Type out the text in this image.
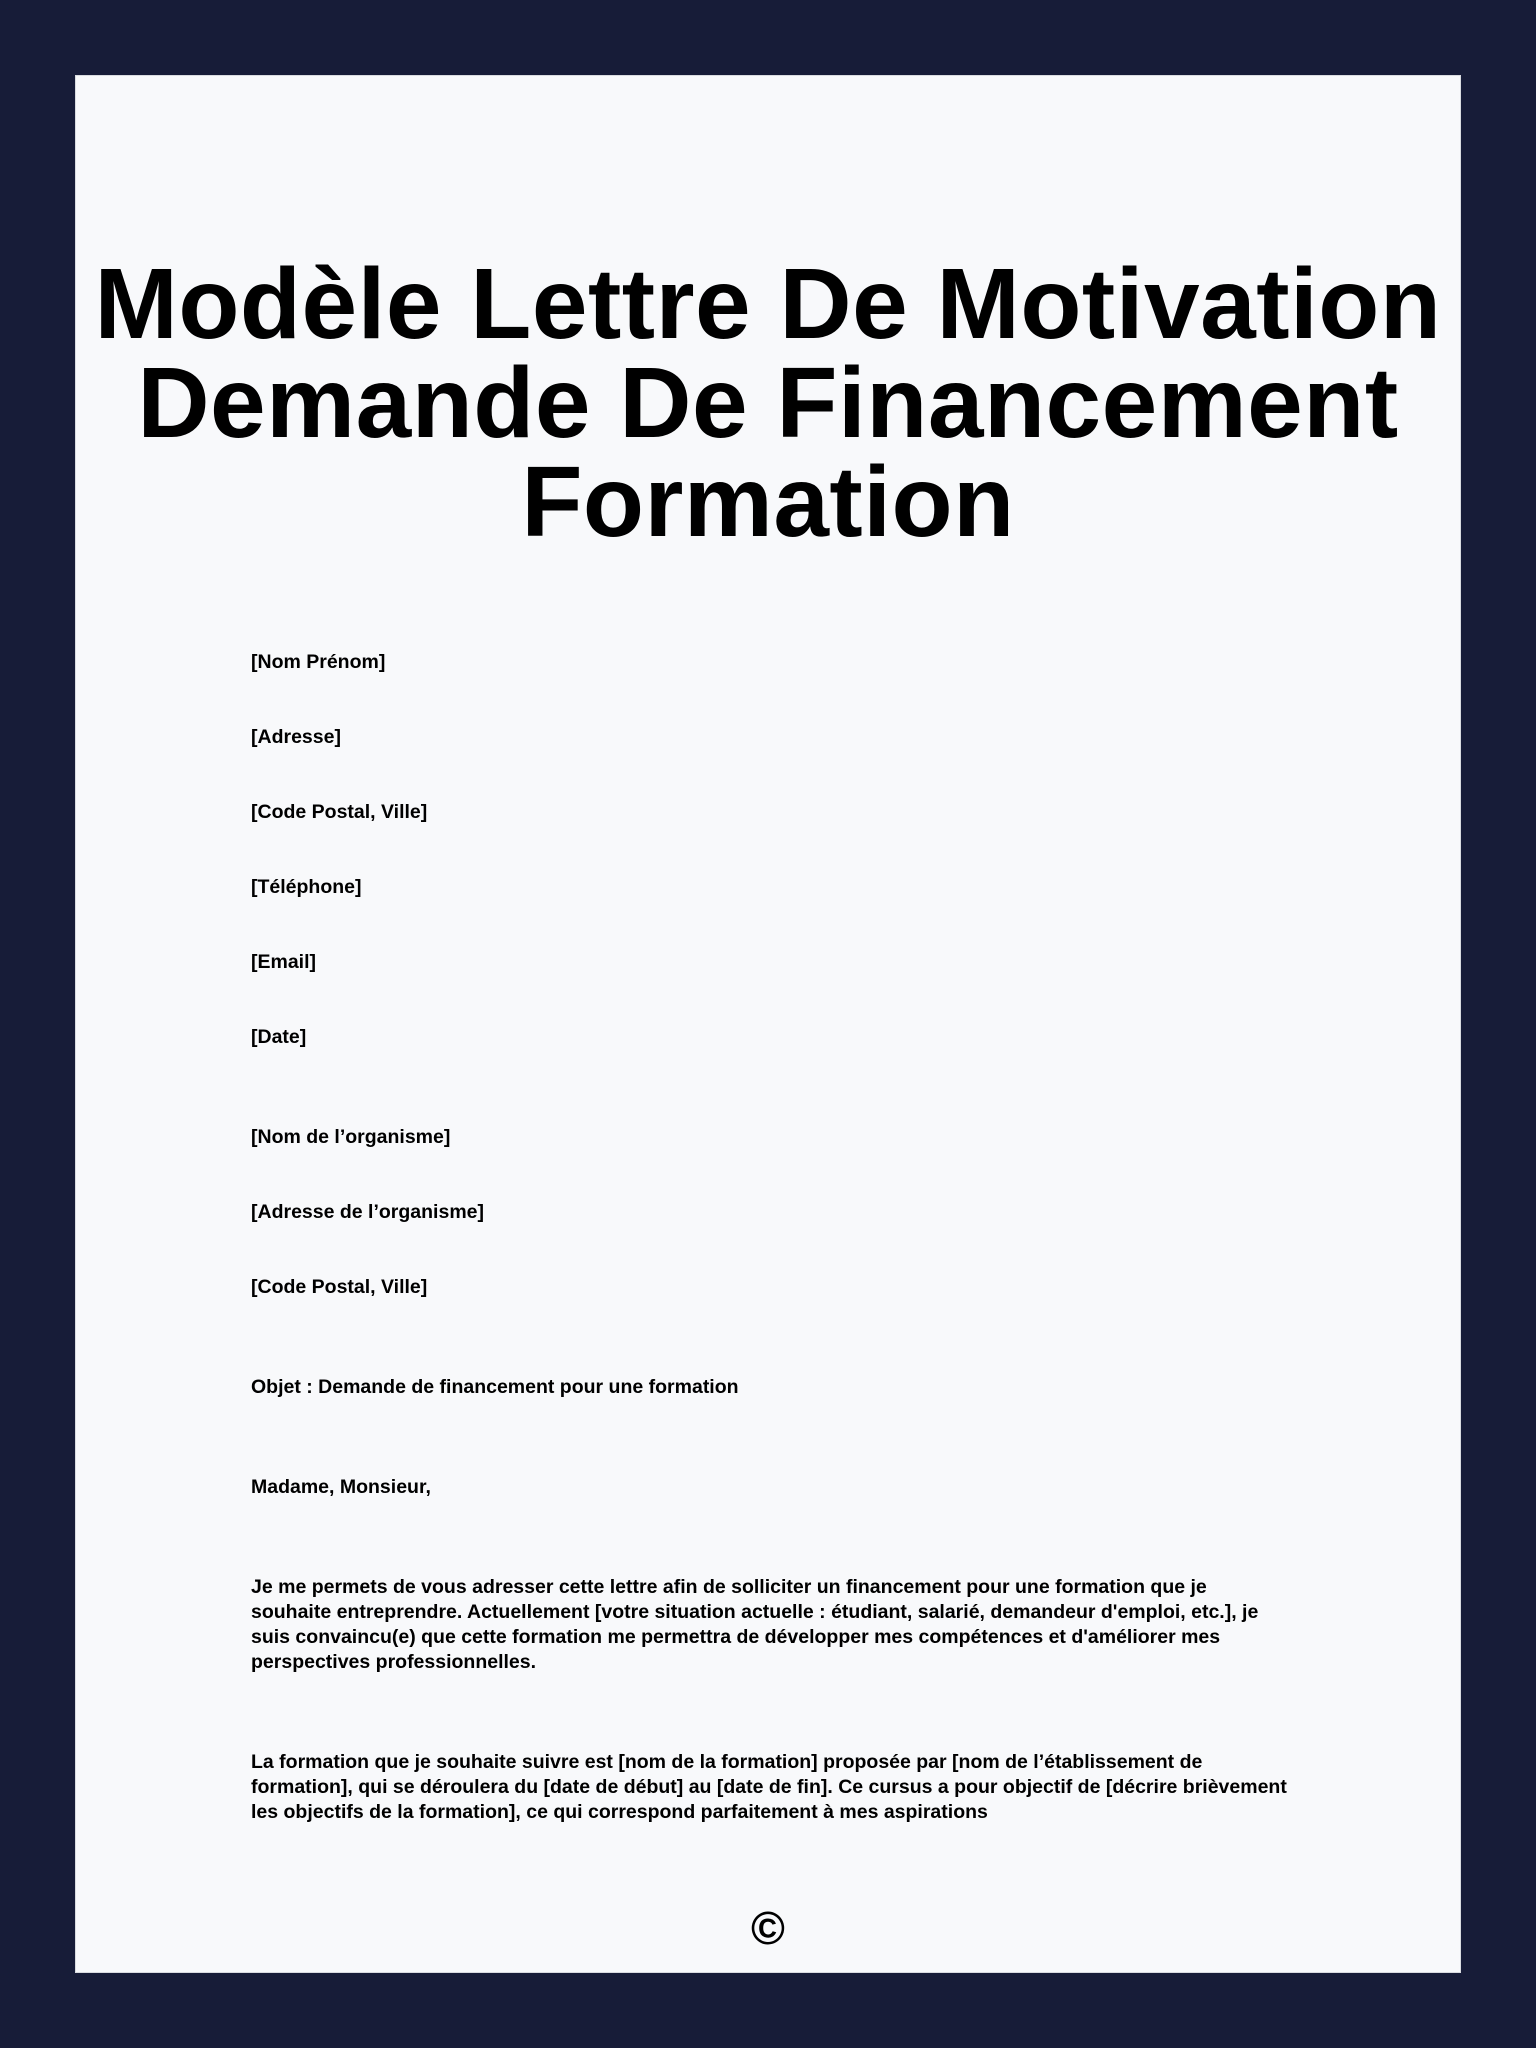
Modèle Lettre De Motivation
Demande De Financement
Formation
[Nom Prénom]
[Adresse]
[Code Postal, Ville]
[Téléphone]
[Email]
[Date]
[Nom de l’organisme]
[Adresse de l’organisme]
[Code Postal, Ville]
Objet : Demande de financement pour une formation
Madame, Monsieur,
Je me permets de vous adresser cette lettre afin de solliciter un financement pour une formation que je souhaite entreprendre. Actuellement [votre situation actuelle : étudiant, salarié, demandeur d'emploi, etc.], je suis convaincu(e) que cette formation me permettra de développer mes compétences et d'améliorer mes perspectives professionnelles.
La formation que je souhaite suivre est [nom de la formation] proposée par [nom de l’établissement de formation], qui se déroulera du [date de début] au [date de fin]. Ce cursus a pour objectif de [décrire brièvement les objectifs de la formation], ce qui correspond parfaitement à mes aspirations
©
